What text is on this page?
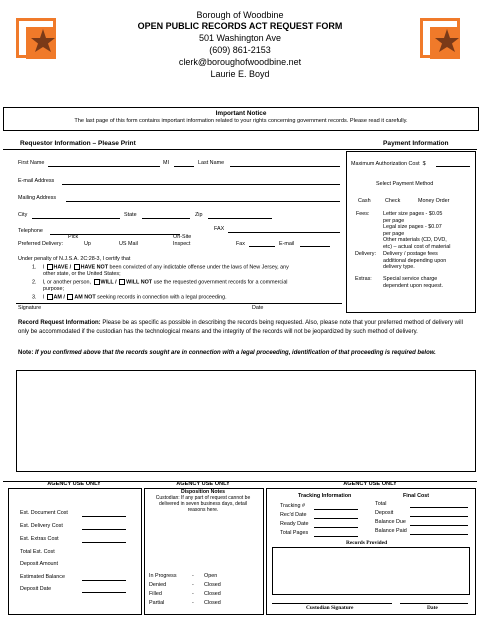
Borough of Woodbine
OPEN PUBLIC RECORDS ACT REQUEST FORM
501 Washington Ave
(609) 861-2153
clerk@boroughofwoodbine.net
Laurie E. Boyd
Important Notice
The last page of this form contains important information related to your rights concerning government records. Please read it carefully.
Requestor Information – Please Print	Payment Information
First Name	MI	Last Name
E-mail Address
Mailing Address
City	State	Zip
Telephone	FAX
Pick	On-Site
Preferred Delivery:	Up	US Mail	Inspect	Fax	E-mail
Under penalty of N.J.S.A. 2C:28-3, I certify that
1. I HAVE / HAVE NOT been convicted of any indictable offense under the laws of New Jersey, any
other state, or the United States;
2. I, or another person, WILL / WILL NOT use the requested government records for a commercial
purpose;
3. I AM / AM NOT seeking records in connection with a legal proceeding.
Signature	Date
Maximum Authorization Cost $
Select Payment Method
Cash	Check	Money Order
Fees:	Letter size pages - $0.05
per page
Legal size pages - $0.07
per page
Other materials (CD, DVD,
etc) – actual cost of material
Delivery: Delivery / postage fees
additional depending upon
delivery type.
Extras: Special service charge
dependent upon request.
Record Request Information: Please be as specific as possible in describing the records being requested. Also, please note that your preferred method of delivery will only be accommodated if the custodian has the technological means and the integrity of the records will not be jeopardized by such method of delivery.
Note: If you confirmed above that the records sought are in connection with a legal proceeding, identification of that proceeding is required below.
AGENCY USE ONLY
Est. Document Cost
Est. Delivery Cost
Est. Extras Cost
Total Est. Cost
Deposit Amount
Estimated Balance
Deposit Date
AGENCY USE ONLY
Disposition Notes
Custodian: If any part of request cannot be delivered in seven business days, detail reasons here.
In Progress	- Open
Denied	- Closed
Filled	- Closed
Partial	- Closed
AGENCY USE ONLY
Tracking Information	Final Cost
Tracking #
Rec'd Date
Ready Date
Total Pages
Total
Deposit
Balance Due
Balance Paid
Records Provided
Custodian Signature	Date
